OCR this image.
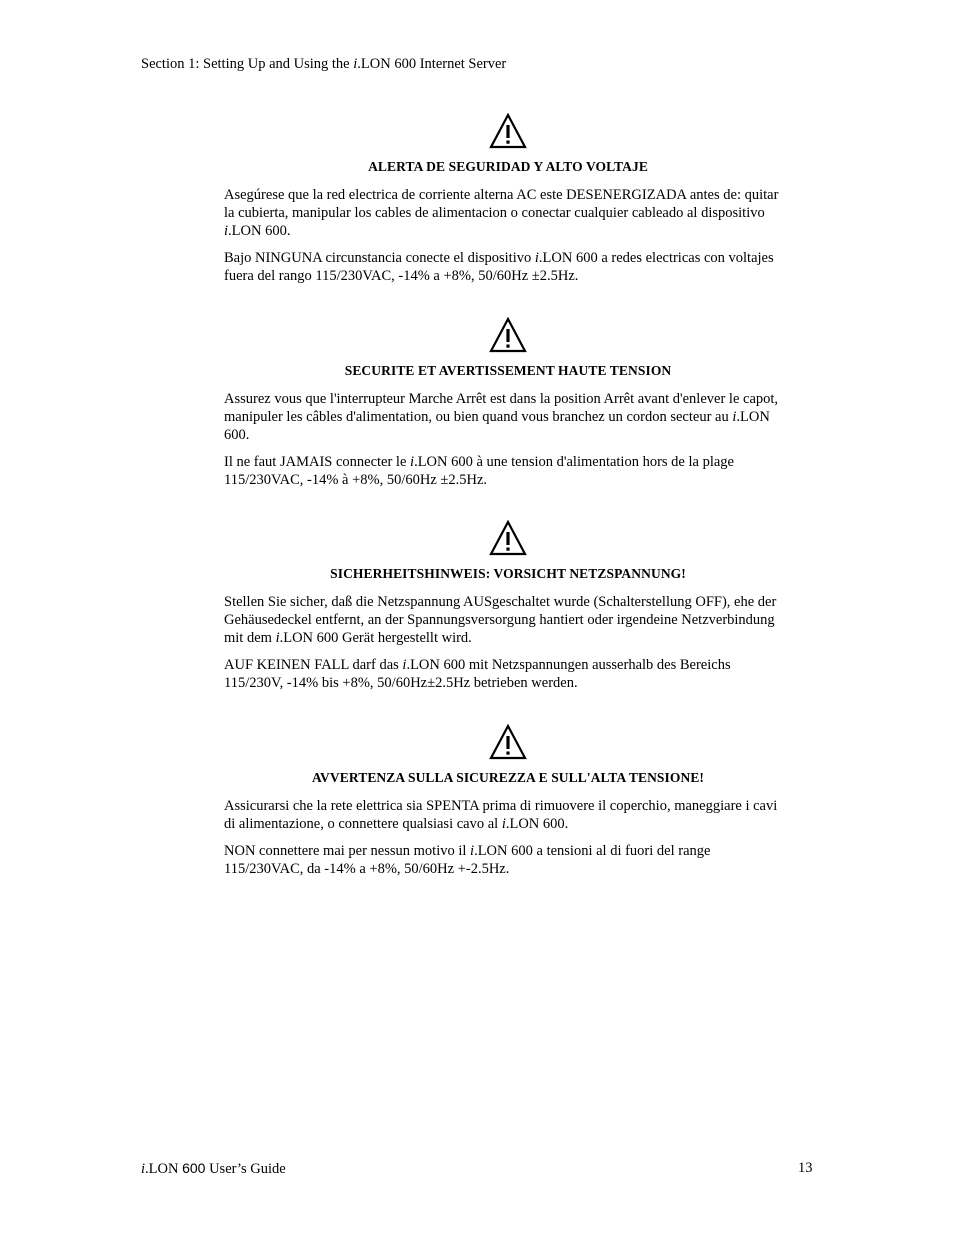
Section 1: Setting Up and Using the i.LON 600 Internet Server
ALERTA DE SEGURIDAD Y ALTO VOLTAJE

Asegúrese que la red electrica de corriente alterna AC este DESENERGIZADA antes de: quitar la cubierta, manipular los cables de alimentacion o conectar cualquier cableado al dispositivo i.LON 600.

Bajo NINGUNA circunstancia conecte el dispositivo i.LON 600 a redes electricas con voltajes fuera del rango 115/230VAC, -14% a +8%, 50/60Hz ±2.5Hz.

SECURITE ET AVERTISSEMENT HAUTE TENSION

Assurez vous que l'interrupteur Marche Arrêt est dans la position Arrêt avant d'enlever le capot, manipuler les câbles d'alimentation, ou bien quand vous branchez un cordon secteur au i.LON 600.

Il ne faut JAMAIS connecter le i.LON 600 à une tension d'alimentation hors de la plage 115/230VAC, -14% à +8%, 50/60Hz ±2.5Hz.

SICHERHEITSHINWEIS: VORSICHT NETZSPANNUNG!

Stellen Sie sicher, daß die Netzspannung AUSgeschaltet wurde (Schalterstellung OFF), ehe der Gehäusedeckel entfernt, an der Spannungsversorgung hantiert oder irgendeine Netzverbindung mit dem i.LON 600 Gerät hergestellt wird.

AUF KEINEN FALL darf das i.LON 600 mit Netzspannungen ausserhalb des Bereichs 115/230V, -14% bis +8%, 50/60Hz±2.5Hz betrieben werden.

AVVERTENZA SULLA SICUREZZA E SULL'ALTA TENSIONE!

Assicurarsi che la rete elettrica sia SPENTA prima di rimuovere il coperchio, maneggiare i cavi di alimentazione, o connettere qualsiasi cavo al i.LON 600.

NON connettere mai per nessun motivo il i.LON 600 a tensioni al di fuori del range 115/230VAC, da -14% a +8%, 50/60Hz +-2.5Hz.

i.LON 600 User’s Guide	13
